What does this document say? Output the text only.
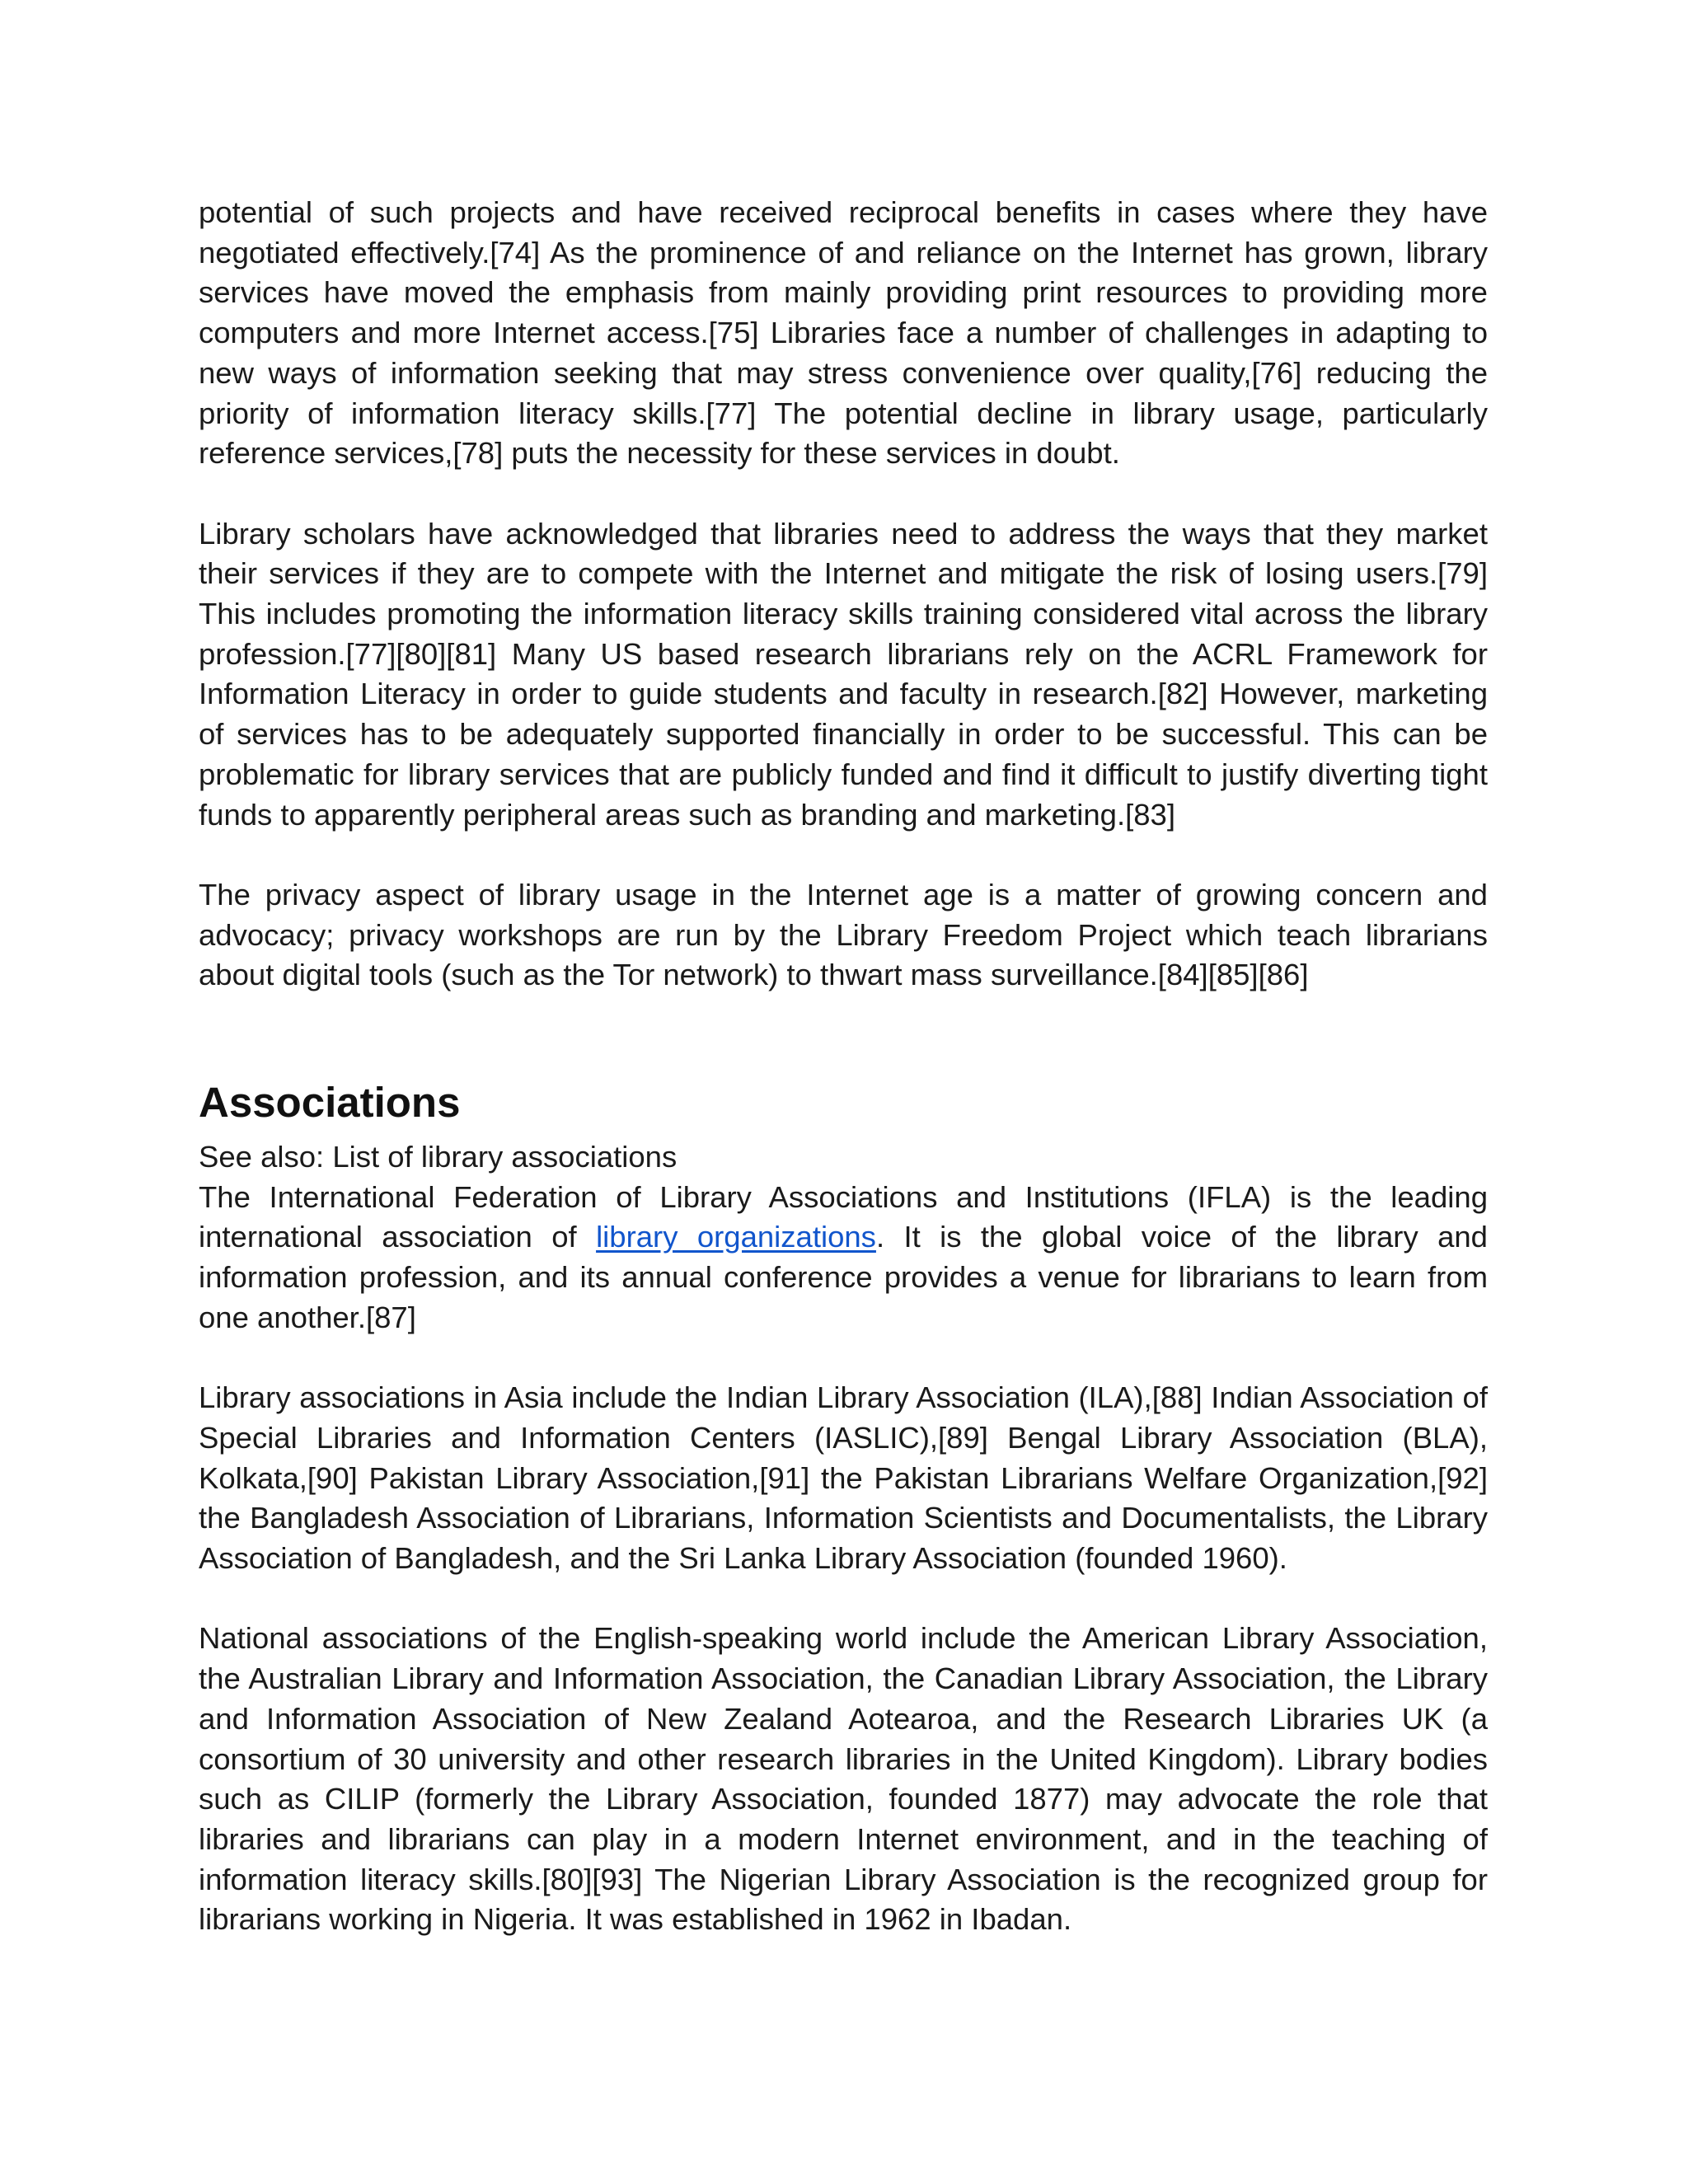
potential of such projects and have received reciprocal benefits in cases where they have negotiated effectively.[74] As the prominence of and reliance on the Internet has grown, library services have moved the emphasis from mainly providing print resources to providing more computers and more Internet access.[75] Libraries face a number of challenges in adapting to new ways of information seeking that may stress convenience over quality,[76] reducing the priority of information literacy skills.[77] The potential decline in library usage, particularly reference services,[78] puts the necessity for these services in doubt.

Library scholars have acknowledged that libraries need to address the ways that they market their services if they are to compete with the Internet and mitigate the risk of losing users.[79] This includes promoting the information literacy skills training considered vital across the library profession.[77][80][81] Many US based research librarians rely on the ACRL Framework for Information Literacy in order to guide students and faculty in research.[82] However, marketing of services has to be adequately supported financially in order to be successful. This can be problematic for library services that are publicly funded and find it difficult to justify diverting tight funds to apparently peripheral areas such as branding and marketing.[83]

The privacy aspect of library usage in the Internet age is a matter of growing concern and advocacy; privacy workshops are run by the Library Freedom Project which teach librarians about digital tools (such as the Tor network) to thwart mass surveillance.[84][85][86]

Associations

See also: List of library associations

The International Federation of Library Associations and Institutions (IFLA) is the leading international association of library organizations. It is the global voice of the library and information profession, and its annual conference provides a venue for librarians to learn from one another.[87]

Library associations in Asia include the Indian Library Association (ILA),[88] Indian Association of Special Libraries and Information Centers (IASLIC),[89] Bengal Library Association (BLA), Kolkata,[90] Pakistan Library Association,[91] the Pakistan Librarians Welfare Organization,[92] the Bangladesh Association of Librarians, Information Scientists and Documentalists, the Library Association of Bangladesh, and the Sri Lanka Library Association (founded 1960).

National associations of the English-speaking world include the American Library Association, the Australian Library and Information Association, the Canadian Library Association, the Library and Information Association of New Zealand Aotearoa, and the Research Libraries UK (a consortium of 30 university and other research libraries in the United Kingdom). Library bodies such as CILIP (formerly the Library Association, founded 1877) may advocate the role that libraries and librarians can play in a modern Internet environment, and in the teaching of information literacy skills.[80][93] The Nigerian Library Association is the recognized group for librarians working in Nigeria. It was established in 1962 in Ibadan.
